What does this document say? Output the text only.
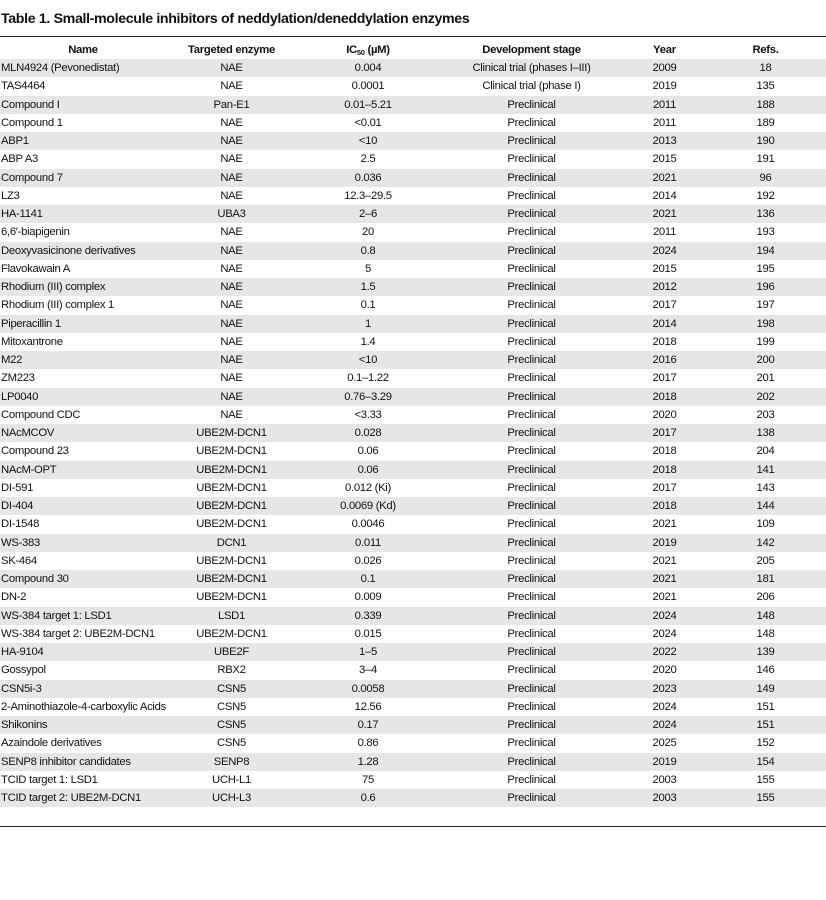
Table 1. Small-molecule inhibitors of neddylation/deneddylation enzymes
Name	Targeted enzyme	$IC_{50}$ (µM)	Development stage	Year	Refs.
MLN4924 (Pevonedistat)	NAE	0.004	Clinical trial (phases I–III)	2009	18
TAS4464	NAE	0.0001	Clinical trial (phase I)	2019	135
Compound I	Pan-E1	0.01–5.21	Preclinical	2011	188
Compound 1	NAE	<0.01	Preclinical	2011	189
ABP1	NAE	<10	Preclinical	2013	190
ABP A3	NAE	2.5	Preclinical	2015	191
Compound 7	NAE	0.036	Preclinical	2021	96
LZ3	NAE	12.3–29.5	Preclinical	2014	192
HA-1141	UBA3	2–6	Preclinical	2021	136
6,6′-biapigenin	NAE	20	Preclinical	2011	193
Deoxyvasicinone derivatives	NAE	0.8	Preclinical	2024	194
Flavokawain A	NAE	5	Preclinical	2015	195
Rhodium (III) complex	NAE	1.5	Preclinical	2012	196
Rhodium (III) complex 1	NAE	0.1	Preclinical	2017	197
Piperacillin 1	NAE	1	Preclinical	2014	198
Mitoxantrone	NAE	1.4	Preclinical	2018	199
M22	NAE	<10	Preclinical	2016	200
ZM223	NAE	0.1–1.22	Preclinical	2017	201
LP0040	NAE	0.76–3.29	Preclinical	2018	202
Compound CDC	NAE	<3.33	Preclinical	2020	203
NAcMCOV	UBE2M-DCN1	0.028	Preclinical	2017	138
Compound 23	UBE2M-DCN1	0.06	Preclinical	2018	204
NAcM-OPT	UBE2M-DCN1	0.06	Preclinical	2018	141
DI-591	UBE2M-DCN1	0.012 (Ki)	Preclinical	2017	143
DI-404	UBE2M-DCN1	0.0069 (Kd)	Preclinical	2018	144
DI-1548	UBE2M-DCN1	0.0046	Preclinical	2021	109
WS-383	DCN1	0.011	Preclinical	2019	142
SK-464	UBE2M-DCN1	0.026	Preclinical	2021	205
Compound 30	UBE2M-DCN1	0.1	Preclinical	2021	181
DN-2	UBE2M-DCN1	0.009	Preclinical	2021	206
WS-384 target 1: LSD1	LSD1	0.339	Preclinical	2024	148
WS-384 target 2: UBE2M-DCN1	UBE2M-DCN1	0.015	Preclinical	2024	148
HA-9104	UBE2F	1–5	Preclinical	2022	139
Gossypol	RBX2	3–4	Preclinical	2020	146
CSN5i-3	CSN5	0.0058	Preclinical	2023	149
2-Aminothiazole-4-carboxylic Acids	CSN5	12.56	Preclinical	2024	151
Shikonins	CSN5	0.17	Preclinical	2024	151
Azaindole derivatives	CSN5	0.86	Preclinical	2025	152
SENP8 inhibitor candidates	SENP8	1.28	Preclinical	2019	154
TCID target 1: LSD1	UCH-L1	75	Preclinical	2003	155
TCID target 2: UBE2M-DCN1	UCH-L3	0.6	Preclinical	2003	155
